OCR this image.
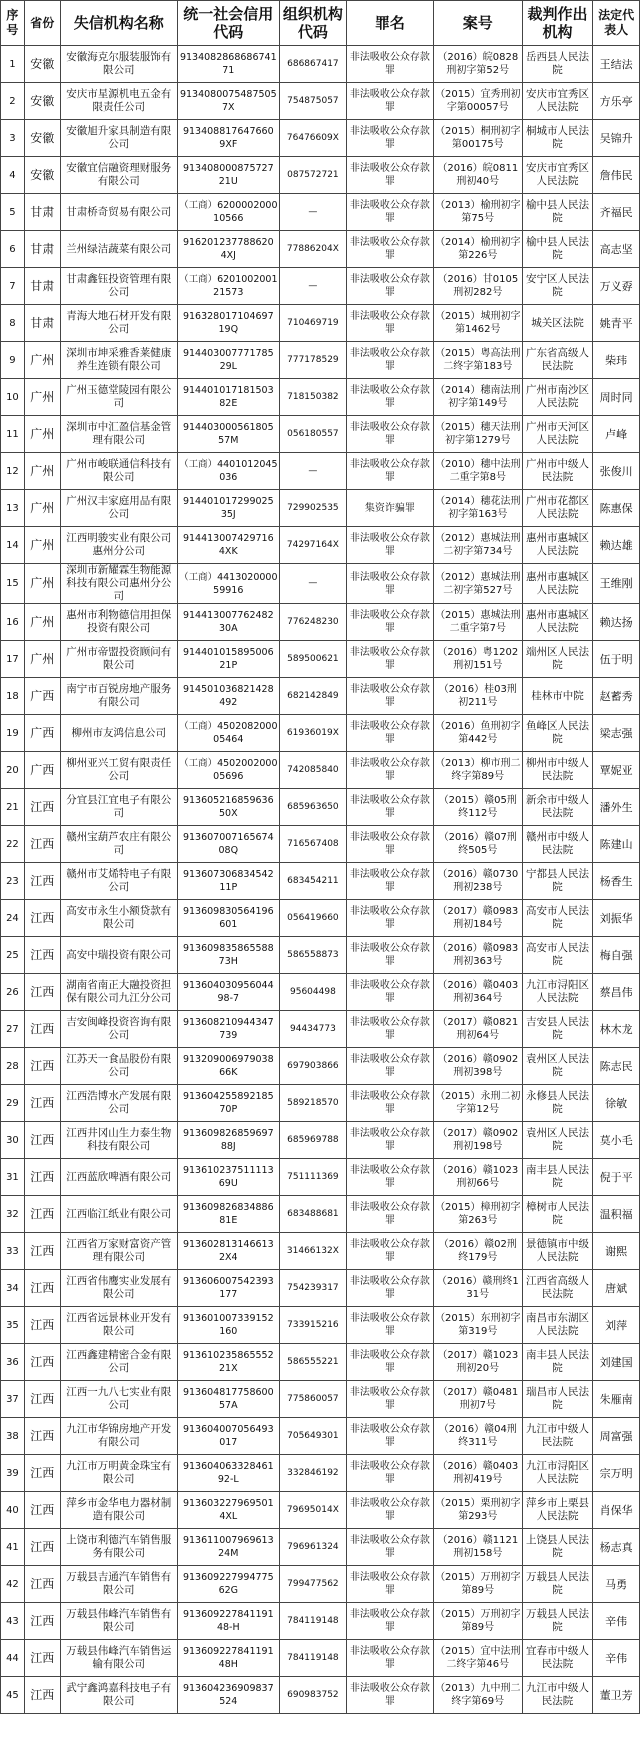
序号	省份	失信机构名称	统一社会信用代码	组织机构代码	罪名	案号	裁判作出机构	法定代表人
1	安徽	安徽海克尔服装服饰有限公司	913408286868674171	686867417	非法吸收公众存款罪	（2016）皖0828刑初字第52号	岳西县人民法院	王结法
2	安徽	安庆市星源机电五金有限责任公司	91340800754875057X	754875057	非法吸收公众存款罪	（2015）宜秀刑初字第00057号	安庆市宜秀区人民法院	方乐亭
3	安徽	安徽旭升家具制造有限公司	913408817647660 9XF	76476609X	非法吸收公众存款罪	（2015）桐刑初字第00175号	桐城市人民法院	吴锦升
4	安徽	安徽宜信融资理财服务有限公司	913408000875727 21U	087572721	非法吸收公众存款罪	（2016）皖0811刑初40号	安庆市宜秀区人民法院	詹伟民
5	甘肃	甘肃桥奇贸易有限公司	（工商）620000200010566	—	非法吸收公众存款罪	（2013）榆刑初字第75号	榆中县人民法院	齐福民
6	甘肃	兰州绿洁蔬菜有限公司	916201237788620 4XJ	77886204X	非法吸收公众存款罪	（2014）榆刑初字第226号	榆中县人民法院	高志坚
7	甘肃	甘肃鑫钰投资管理有限公司	（工商）620100200121573	—	非法吸收公众存款罪	（2016）甘0105刑初282号	安宁区人民法院	万义孬
8	甘肃	青海大地石材开发有限公司	916328017104697 19Q	710469719	非法吸收公众存款罪	（2015）城刑初字第1462号	城关区法院	姚青平
9	广州	深圳市坤采雅香莱健康养生连锁有限公司	914403007771785 29L	777178529	非法吸收公众存款罪	（2015）粤高法刑二终字第183号	广东省高级人民法院	柴玮
10	广州	广州玉德堂陵园有限公司	914401017181503 82E	718150382	非法吸收公众存款罪	（2014）穗南法刑初字第149号	广州市南沙区人民法院	周时同
11	广州	深圳市中汇盈信基金管理有限公司	914403000561805 57M	056180557	非法吸收公众存款罪	（2015）穗天法刑初字第1279号	广州市天河区人民法院	卢峰
12	广州	广州市峻联通信科技有限公司	（工商）4401012045036	—	非法吸收公众存款罪	（2010）穗中法刑二重字第8号	广州市中级人民法院	张俊川
13	广州	广州汉丰家庭用品有限公司	914401017299025 35J	729902535	集资诈骗罪	（2014）穗花法刑初字第163号	广州市花都区人民法院	陈惠保
14	广州	江西明骏实业有限公司惠州分公司	914413007429716 4XK	74297164X	非法吸收公众存款罪	（2012）惠城法刑二初字第734号	惠州市惠城区人民法院	赖达雄
15	广州	深圳市新耀霖生物能源科技有限公司惠州分公司	（工商）441302000059916	—	非法吸收公众存款罪	（2012）惠城法刑二初字第527号	惠州市惠城区人民法院	王维刚
16	广州	惠州市利物德信用担保投资有限公司	914413007762482 30A	776248230	非法吸收公众存款罪	（2015）惠城法刑二重字第7号	惠州市惠城区人民法院	赖达扬
17	广州	广州市帝盟投资顾问有限公司	914401015895006 21P	589500621	非法吸收公众存款罪	（2016）粤1202刑初151号	端州区人民法院	伍于明
18	广西	南宁市百锐房地产服务有限公司	914501036821428 492	682142849	非法吸收公众存款罪	（2016）桂03刑初211号	桂林市中院	赵蓄秀
19	广西	柳州市友鸿信息公司	（工商）450208200005464	61936019X	非法吸收公众存款罪	（2016）鱼刑初字第442号	鱼峰区人民法院	梁志强
20	广西	柳州亚兴工贸有限责任公司	（工商）450200200005696	742085840	非法吸收公众存款罪	（2013）柳市刑二终字第89号	柳州市中级人民法院	覃妮亚
21	江西	分宜县江宜电子有限公司	913605216859636 50X	685963650	非法吸收公众存款罪	（2015）赣05刑终112号	新余市中级人民法院	潘外生
22	江西	赣州宝葫芦农庄有限公司	913607007165674 08Q	716567408	非法吸收公众存款罪	（2016）赣07刑终505号	赣州市中级人民法院	陈建山
23	江西	赣州市艾烯特电子有限公司	913607306834542 11P	683454211	非法吸收公众存款罪	（2016）赣0730刑初238号	宁都县人民法院	杨香生
24	江西	高安市永生小额贷款有限公司	913609830564196 601	056419660	非法吸收公众存款罪	（2017）赣0983刑初184号	高安市人民法院	刘振华
25	江西	高安中瑞投资有限公司	913609835865588 73H	586558873	非法吸收公众存款罪	（2016）赣0983刑初363号	高安市人民法院	梅自强
26	江西	湖南省南正大融投资担保有限公司九江分公司	913604030956044 98-7	95604498	非法吸收公众存款罪	（2016）赣0403刑初364号	九江市浔阳区人民法院	蔡昌伟
27	江西	吉安闽峰投资咨询有限公司	913608210944347 739	94434773	非法吸收公众存款罪	（2017）赣0821刑初64号	吉安县人民法院	林木龙
28	江西	江苏天一食品股份有限公司	913209006979038 66K	697903866	非法吸收公众存款罪	（2016）赣0902刑初398号	袁州区人民法院	陈志民
29	江西	江西浩博水产发展有限公司	913604255892185 70P	589218570	非法吸收公众存款罪	（2015）永刑二初字第12号	永修县人民法院	徐敏
30	江西	江西井冈山生力泰生物科技有限公司	913609826859697 88J	685969788	非法吸收公众存款罪	（2017）赣0902刑初198号	袁州区人民法院	莫小毛
31	江西	江西蓝欣啤酒有限公司	913610237511113 69U	751111369	非法吸收公众存款罪	（2016）赣1023刑初66号	南丰县人民法院	倪于平
32	江西	江西临江纸业有限公司	913609826834886 81E	683488681	非法吸收公众存款罪	（2015）樟刑初字第263号	樟树市人民法院	温积福
33	江西	江西省万家财富资产管理有限公司	913602813146613 2X4	31466132X	非法吸收公众存款罪	（2016）赣02刑终179号	景德镇市中级人民法院	谢熙
34	江西	江西省伟鹰实业发展有限公司	913606007542393 177	754239317	非法吸收公众存款罪	（2016）赣刑终131号	江西省高级人民法院	唐斌
35	江西	江西省远景林业开发有限公司	913601007339152 160	733915216	非法吸收公众存款罪	（2015）东刑初字第319号	南昌市东湖区人民法院	刘萍
36	江西	江西鑫建精密合金有限公司	913610235865552 21X	586555221	非法吸收公众存款罪	（2017）赣1023刑初20号	南丰县人民法院	刘建国
37	江西	江西一九八七实业有限公司	913604817758600 57A	775860057	非法吸收公众存款罪	（2017）赣0481刑初7号	瑞昌市人民法院	朱雁南
38	江西	九江市华锦房地产开发有限公司	913604007056493 017	705649301	非法吸收公众存款罪	（2016）赣04刑终311号	九江市中级人民法院	周富强
39	江西	九江市万明黄金珠宝有限公司	913604063328461 92-L	332846192	非法吸收公众存款罪	（2016）赣0403刑初419号	九江市浔阳区人民法院	宗万明
40	江西	萍乡市金华电力器材制造有限公司	913603227969501 4XL	79695014X	非法吸收公众存款罪	（2015）栗刑初字第293号	萍乡市上栗县人民法院	肖保华
41	江西	上饶市利德汽车销售服务有限公司	913611007969613 24M	796961324	非法吸收公众存款罪	（2016）赣1121刑初158号	上饶县人民法院	杨志真
42	江西	万载县吉通汽车销售有限公司	913609227994775 62G	799477562	非法吸收公众存款罪	（2015）万刑初字第89号	万载县人民法院	马勇
43	江西	万载县伟峰汽车销售有限公司	913609227841191 48-H	784119148	非法吸收公众存款罪	（2015）万刑初字第89号	万载县人民法院	辛伟
44	江西	万载县伟峰汽车销售运输有限公司	913609227841191 48H	784119148	非法吸收公众存款罪	（2015）宜中法刑二终字第46号	宜春市中级人民法院	辛伟
45	江西	武宁鑫鸿嘉科技电子有限公司	913604236909837 524	690983752	非法吸收公众存款罪	（2013）九中刑二终字第69号	九江市中级人民法院	董卫芳
